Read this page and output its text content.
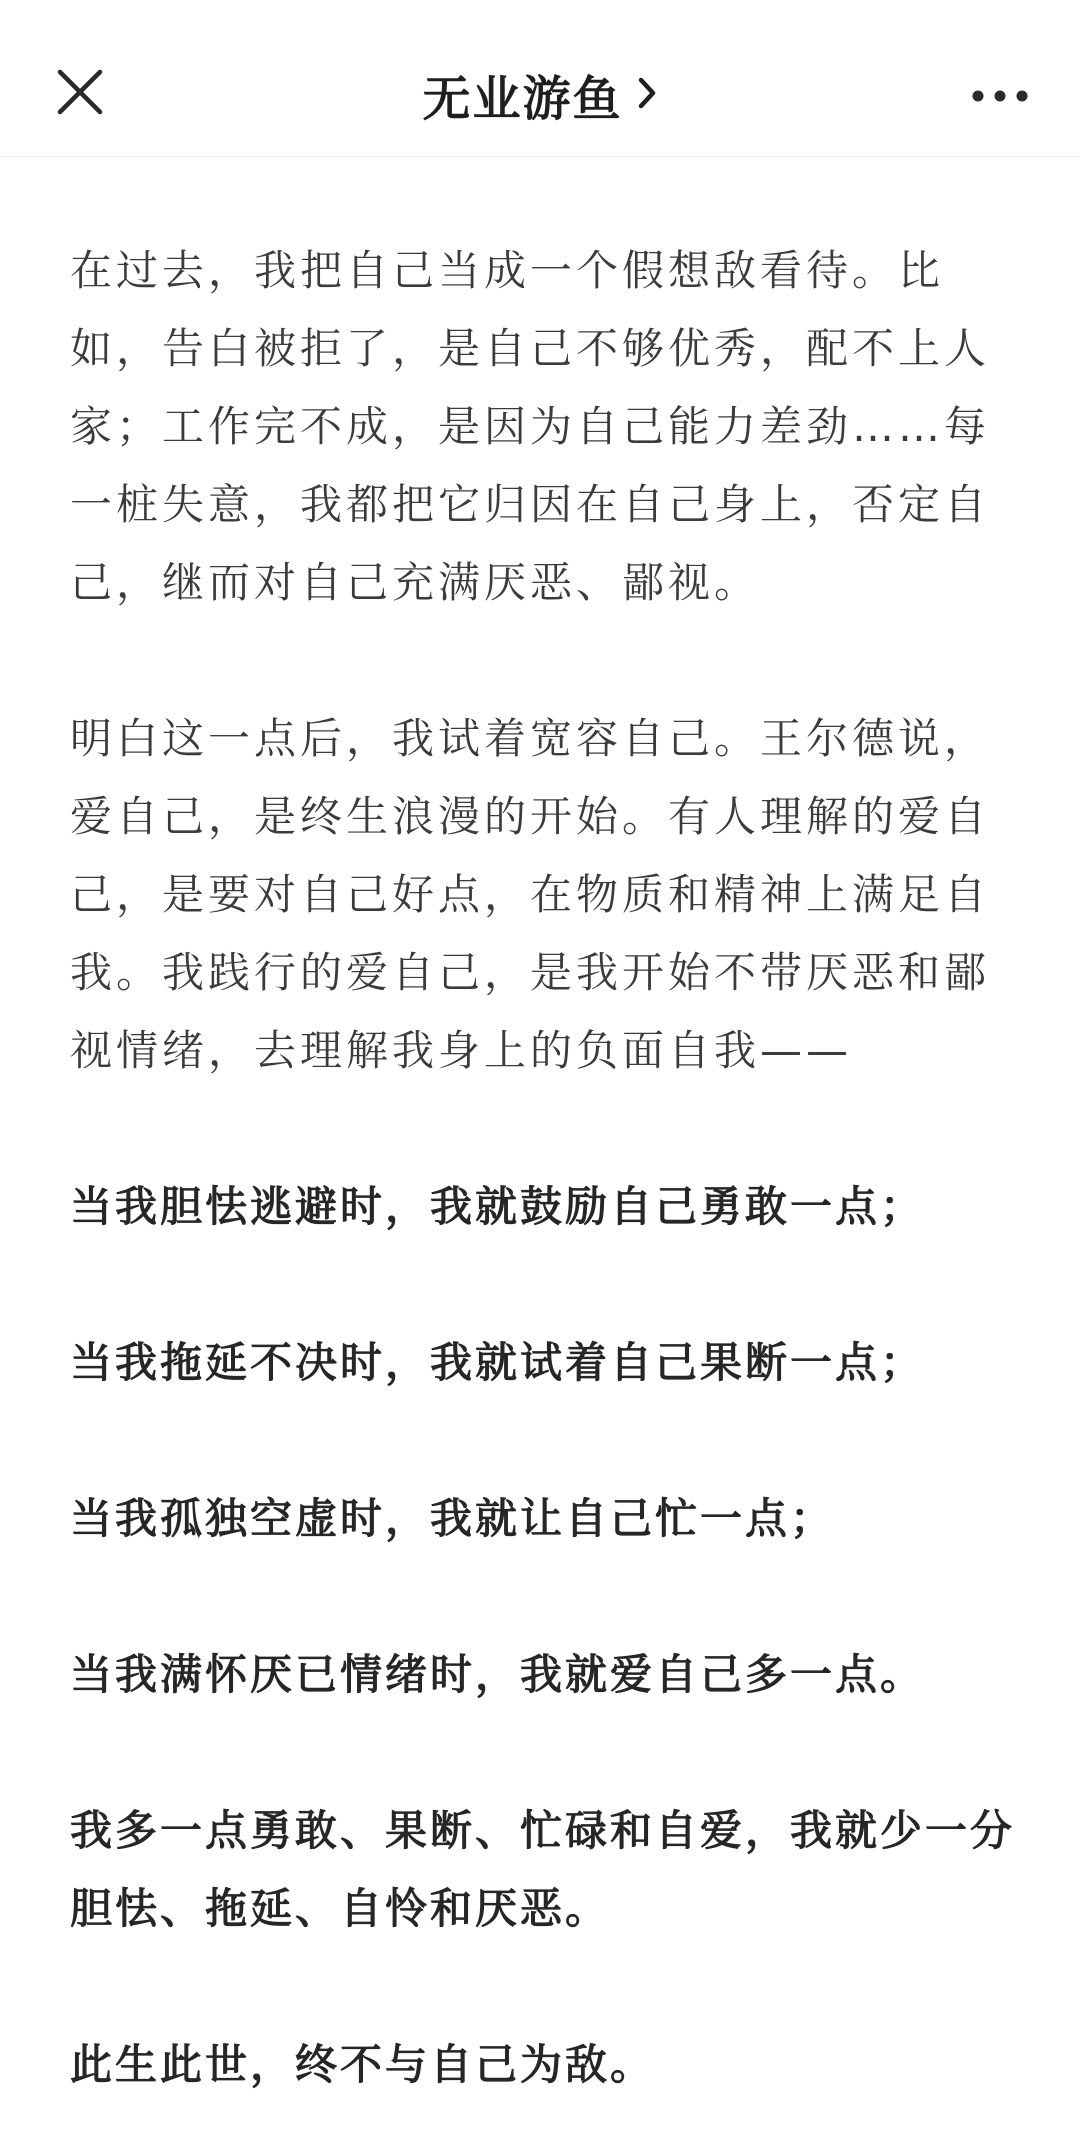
无业游鱼

在过去，我把自己当成一个假想敌看待。比如，告白被拒了，是自己不够优秀，配不上人家；工作完不成，是因为自己能力差劲……每一桩失意，我都把它归因在自己身上，否定自己，继而对自己充满厌恶、鄙视。

明白这一点后，我试着宽容自己。王尔德说，爱自己，是终生浪漫的开始。有人理解的爱自己，是要对自己好点，在物质和精神上满足自我。我践行的爱自己，是我开始不带厌恶和鄙视情绪，去理解我身上的负面自我——

当我胆怯逃避时，我就鼓励自己勇敢一点；

当我拖延不决时，我就试着自己果断一点；

当我孤独空虚时，我就让自己忙一点；

当我满怀厌已情绪时，我就爱自己多一点。

我多一点勇敢、果断、忙碌和自爱，我就少一分胆怯、拖延、自怜和厌恶。

此生此世，终不与自己为敌。
